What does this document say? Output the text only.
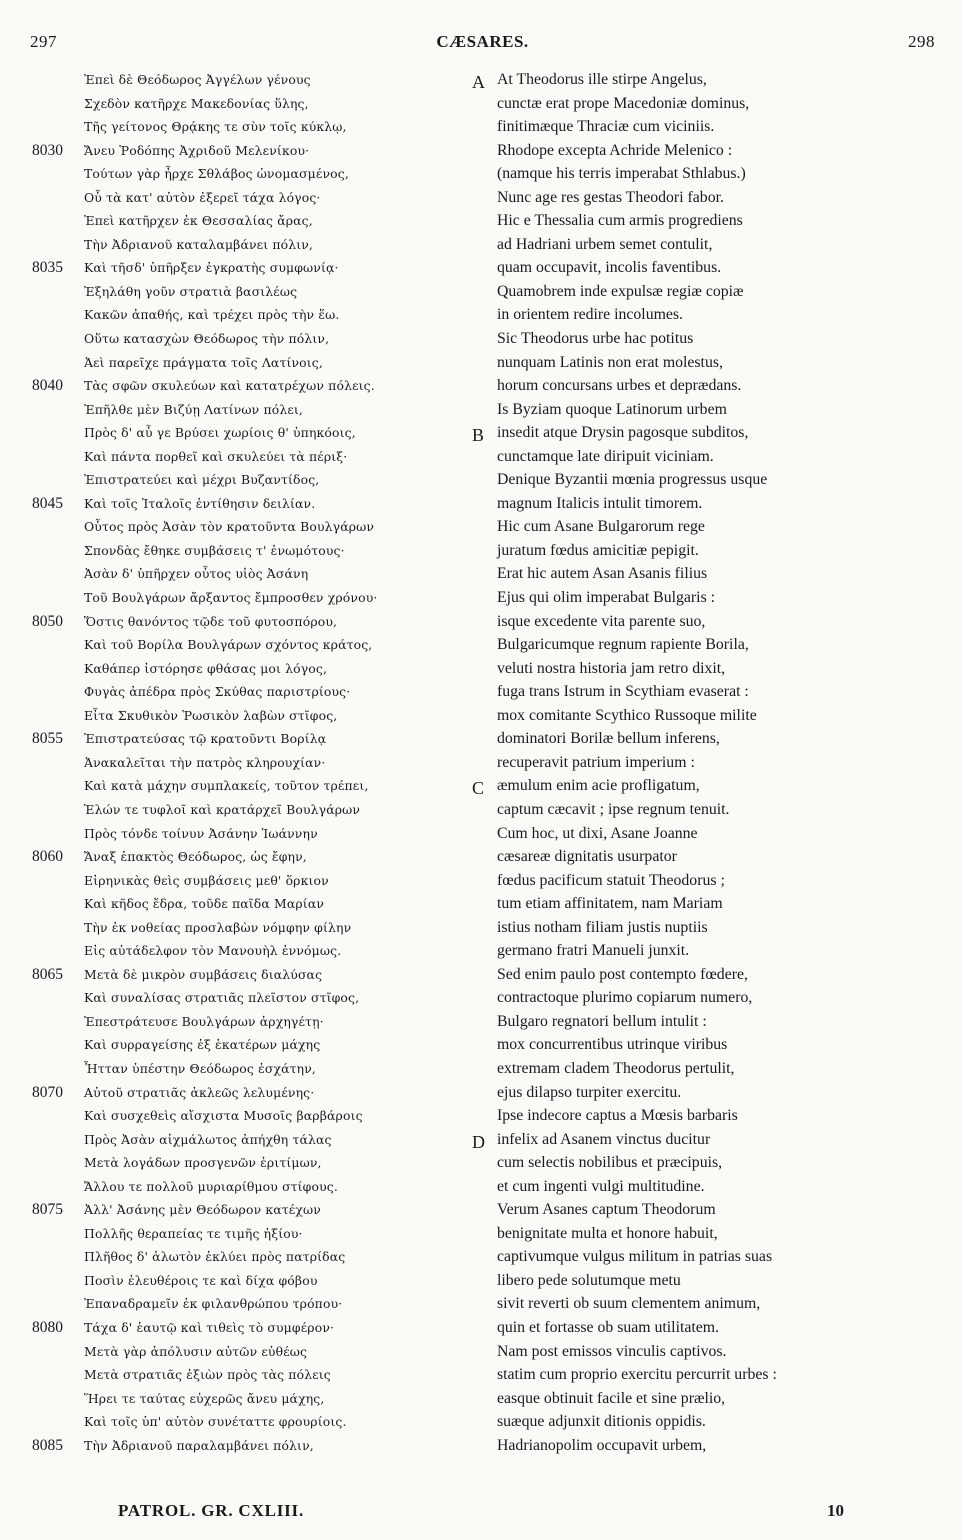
297	CÆSARES.	298
Ἐπεὶ δὲ Θεόδωρος Ἀγγέλων γένους
Σχεδὸν κατῆρχε Μακεδονίας ὕλης,
Τῆς γείτονος Θρᾴκης τε σὺν τοῖς κύκλῳ,
8030	Ἄνευ Ῥοδόπης Ἀχριδοῦ Μελενίκου·
Τούτων γὰρ ἦρχε Σθλάβος ὠνομασμένος,
Οὗ τὰ κατ' αὐτὸν ἐξερεῖ τάχα λόγος·
Ἐπεὶ κατῆρχεν ἐκ Θεσσαλίας ἄρας,
Τὴν Ἀδριανοῦ καταλαμβάνει πόλιν,
8035	Καὶ τῆσδ' ὑπῆρξεν ἐγκρατὴς συμφωνίᾳ·
Ἐξηλάθη γοῦν στρατιὰ βασιλέως
Κακῶν ἀπαθής, καὶ τρέχει πρὸς τὴν ἕω.
Οὕτω κατασχὼν Θεόδωρος τὴν πόλιν,
Ἀεὶ παρεῖχε πράγματα τοῖς Λατίνοις,
8040	Τὰς σφῶν σκυλεύων καὶ κατατρέχων πόλεις.
Ἐπῆλθε μὲν Βιζύῃ Λατίνων πόλει,
Πρὸς δ' αὖ γε Βρύσει χωρίοις θ' ὑπηκόοις,
Καὶ πάντα πορθεῖ καὶ σκυλεύει τὰ πέριξ·
Ἐπιστρατεύει καὶ μέχρι Βυζαντίδος,
8045	Καὶ τοῖς Ἰταλοῖς ἐντίθησιν δειλίαν.
Οὗτος πρὸς Ἀσὰν τὸν κρατοῦντα Βουλγάρων
Σπονδὰς ἔθηκε συμβάσεις τ' ἐνωμότους·
Ἀσὰν δ' ὑπῆρχεν οὗτος υἱὸς Ἀσάνη
Τοῦ Βουλγάρων ἄρξαντος ἔμπροσθεν χρόνου·
8050	Ὅστις θανόντος τῷδε τοῦ φυτοσπόρου,
Καὶ τοῦ Βορίλα Βουλγάρων σχόντος κράτος,
Καθάπερ ἱστόρησε φθάσας μοι λόγος,
Φυγὰς ἀπέδρα πρὸς Σκύθας παριστρίους·
Εἶτα Σκυθικὸν Ῥωσικὸν λαβὼν στῖφος,
8055	Ἐπιστρατεύσας τῷ κρατοῦντι Βορίλᾳ
Ἀνακαλεῖται τὴν πατρὸς κληρουχίαν·
Καὶ κατὰ μάχην συμπλακείς, τοῦτον τρέπει,
Ἑλών τε τυφλοῖ καὶ κρατάρχεῖ Βουλγάρων
Πρὸς τόνδε τοίνυν Ἀσάνην Ἰωάννην
8060	Ἄναξ ἐπακτὸς Θεόδωρος, ὡς ἔφην,
Εἰρηνικὰς θεὶς συμβάσεις μεθ' ὅρκιον
Καὶ κῆδος ἔδρα, τοῦδε παῖδα Μαρίαν
Τὴν ἐκ νοθείας προσλαβὼν νόμφην φίλην
Εἰς αὐτάδελφον τὸν Μανουὴλ ἐννόμως.
8065	Μετὰ δὲ μικρὸν συμβάσεις διαλύσας
Καὶ συναλίσας στρατιᾶς πλεῖστον στῖφος,
Ἐπεστράτευσε Βουλγάρων ἀρχηγέτῃ·
Καὶ συρραγείσης ἐξ ἑκατέρων μάχης
Ἧτταν ὑπέστην Θεόδωρος ἐσχάτην,
8070	Αὐτοῦ στρατιᾶς ἀκλεῶς λελυμένης·
Καὶ συσχεθεὶς αἴσχιστα Μυσοῖς βαρβάροις
Πρὸς Ἀσὰν αἰχμάλωτος ἀπήχθη τάλας
Μετὰ λογάδων προσγενῶν ἐριτίμων,
Ἄλλου τε πολλοῦ μυριαρίθμου στίφους.
8075	Ἀλλ' Ἀσάνης μὲν Θεόδωρον κατέχων
Πολλῆς θεραπείας τε τιμῆς ἠξίου·
Πλῆθος δ' ἁλωτὸν ἐκλύει πρὸς πατρίδας
Ποσὶν ἐλευθέροις τε καὶ δίχα φόβου
Ἐπαναδραμεῖν ἐκ φιλανθρώπου τρόπου·
8080	Τάχα δ' ἑαυτῷ καὶ τιθεὶς τὸ συμφέρον·
Μετὰ γὰρ ἀπόλυσιν αὐτῶν εὐθέως
Μετὰ στρατιᾶς ἐξιὼν πρὸς τὰς πόλεις
Ἥρει τε ταύτας εὐχερῶς ἄνευ μάχης,
Καὶ τοῖς ὑπ' αὐτὸν συνέταττε φρουρίοις.
8085	Τὴν Ἀδριανοῦ παραλαμβάνει πόλιν,
A At Theodorus ille stirpe Angelus,
cunctæ erat prope Macedoniæ dominus,
finitimæque Thraciæ cum viciniis.
Rhodope excepta Achride Melenico :
(namque his terris imperabat Sthlabus.)
Nunc age res gestas Theodori fabor.
Hic e Thessalia cum armis progrediens
ad Hadriani urbem semet contulit,
quam occupavit, incolis faventibus.
Quamobrem inde expulsæ regiæ copiæ
in orientem redire incolumes.
Sic Theodorus urbe hac potitus
nunquam Latinis non erat molestus,
horum concursans urbes et deprædans.
Is Byziam quoque Latinorum urbem
B insedit atque Drysin pagosque subditos,
cunctamque late diripuit viciniam.
Denique Byzantii mœnia progressus usque
magnum Italicis intulit timorem.
Hic cum Asane Bulgarorum rege
juratum fœdus amicitiæ pepigit.
Erat hic autem Asan Asanis filius
Ejus qui olim imperabat Bulgaris :
isque excedente vita parente suo,
Bulgaricumque regnum rapiente Borila,
veluti nostra historia jam retro dixit,
fuga trans Istrum in Scythiam evaserat :
mox comitante Scythico Russoque milite
dominatori Borilæ bellum inferens,
recuperavit patrium imperium :
C æmulum enim acie profligatum,
captum cæcavit ; ipse regnum tenuit.
Cum hoc, ut dixi, Asane Joanne
cæsareæ dignitatis usurpator
fœdus pacificum statuit Theodorus ;
tum etiam affinitatem, nam Mariam
istius notham filiam justis nuptiis
germano fratri Manueli junxit.
Sed enim paulo post contempto fœdere,
contractoque plurimo copiarum numero,
Bulgaro regnatori bellum intulit :
mox concurrentibus utrinque viribus
extremam cladem Theodorus pertulit,
ejus dilapso turpiter exercitu.
Ipse indecore captus a Mœsis barbaris
D infelix ad Asanem vinctus ducitur
cum selectis nobilibus et præcipuis,
et cum ingenti vulgi multitudine.
Verum Asanes captum Theodorum
benignitate multa et honore habuit,
captivumque vulgus militum in patrias suas
libero pede solutumque metu
sivit reverti ob suum clementem animum,
quin et fortasse ob suam utilitatem.
Nam post emissos vinculis captivos.
statim cum proprio exercitu percurrit urbes :
easque obtinuit facile et sine prælio,
suæque adjunxit ditionis oppidis.
Hadrianopolim occupavit urbem,
PATROL. GR. CXLIII.	10
